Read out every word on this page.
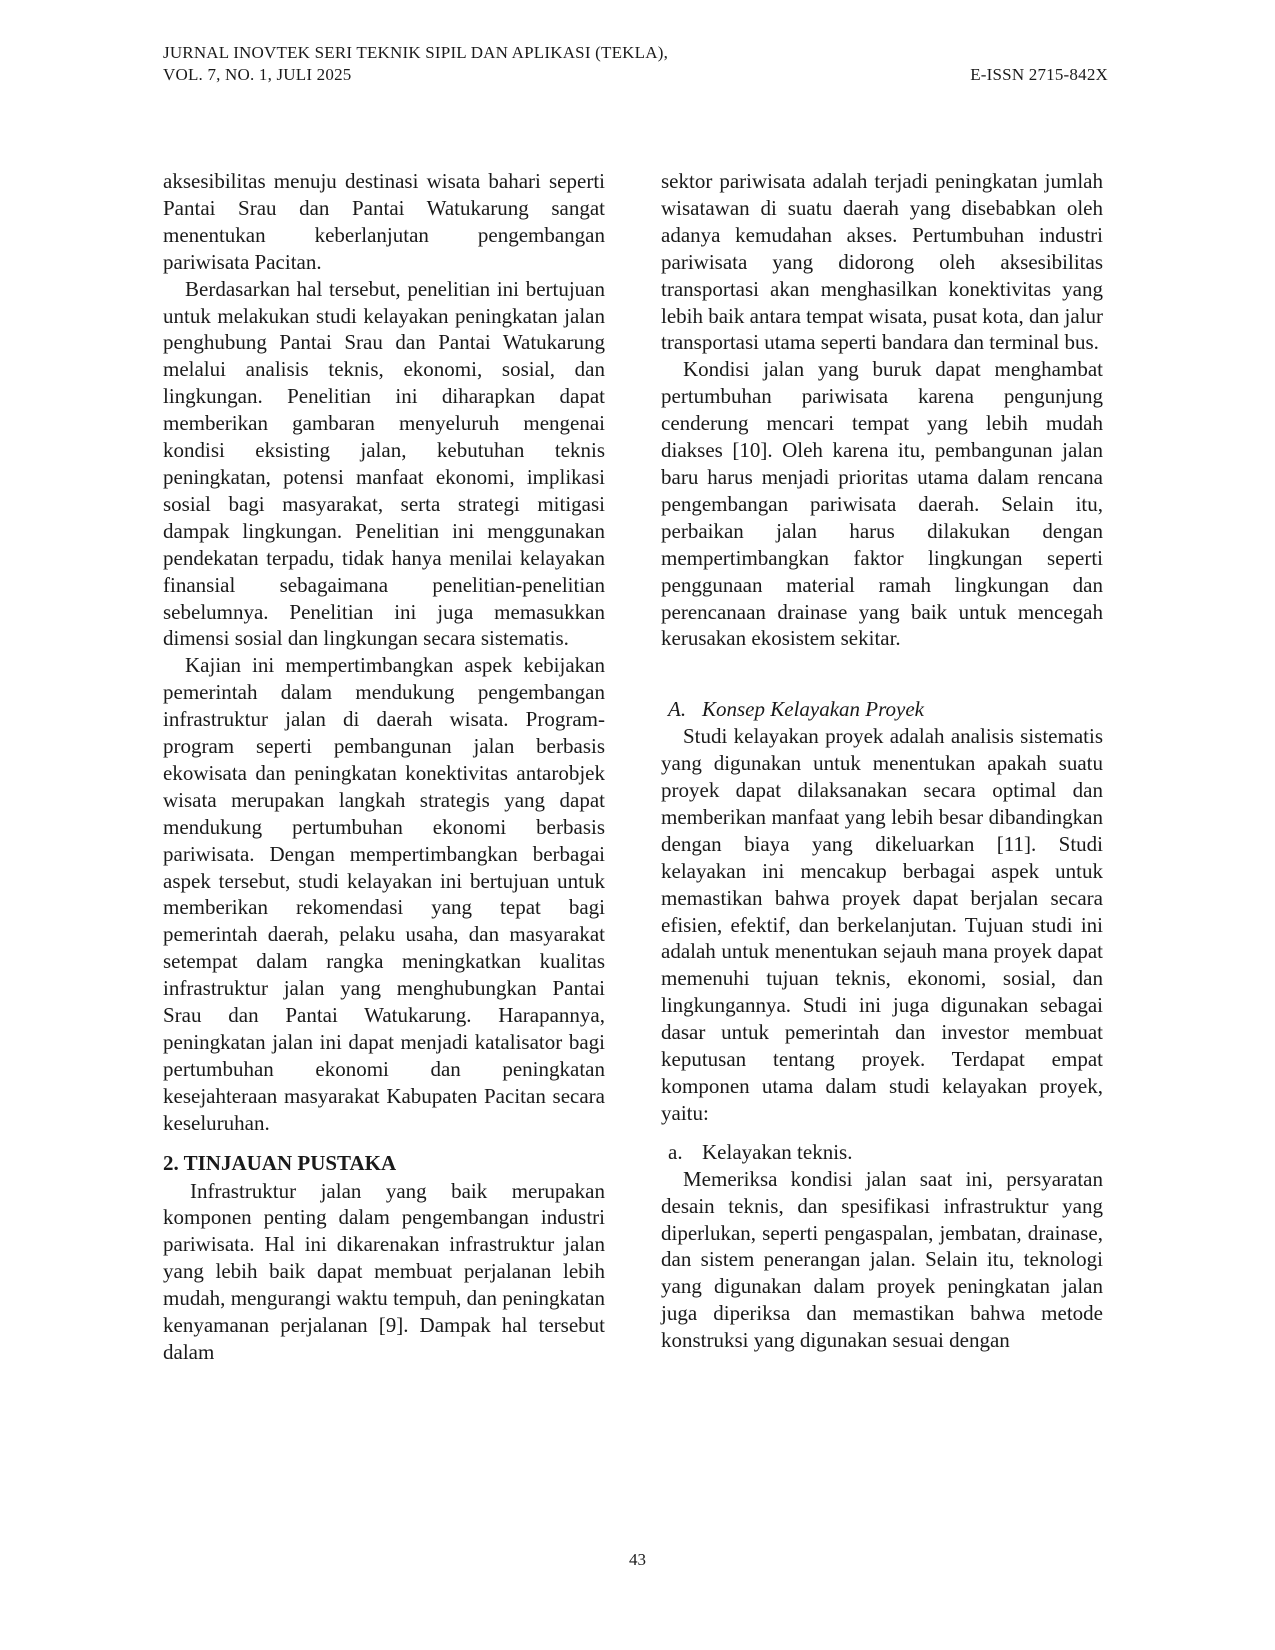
JURNAL INOVTEK SERI TEKNIK SIPIL DAN APLIKASI (TEKLA),
VOL. 7, NO. 1, JULI 2025	E-ISSN 2715-842X

aksesibilitas menuju destinasi wisata bahari seperti Pantai Srau dan Pantai Watukarung sangat menentukan keberlanjutan pengembangan pariwisata Pacitan.

Berdasarkan hal tersebut, penelitian ini bertujuan untuk melakukan studi kelayakan peningkatan jalan penghubung Pantai Srau dan Pantai Watukarung melalui analisis teknis, ekonomi, sosial, dan lingkungan. Penelitian ini diharapkan dapat memberikan gambaran menyeluruh mengenai kondisi eksisting jalan, kebutuhan teknis peningkatan, potensi manfaat ekonomi, implikasi sosial bagi masyarakat, serta strategi mitigasi dampak lingkungan. Penelitian ini menggunakan pendekatan terpadu, tidak hanya menilai kelayakan finansial sebagaimana penelitian-penelitian sebelumnya. Penelitian ini juga memasukkan dimensi sosial dan lingkungan secara sistematis.

Kajian ini mempertimbangkan aspek kebijakan pemerintah dalam mendukung pengembangan infrastruktur jalan di daerah wisata. Program-program seperti pembangunan jalan berbasis ekowisata dan peningkatan konektivitas antarobjek wisata merupakan langkah strategis yang dapat mendukung pertumbuhan ekonomi berbasis pariwisata. Dengan mempertimbangkan berbagai aspek tersebut, studi kelayakan ini bertujuan untuk memberikan rekomendasi yang tepat bagi pemerintah daerah, pelaku usaha, dan masyarakat setempat dalam rangka meningkatkan kualitas infrastruktur jalan yang menghubungkan Pantai Srau dan Pantai Watukarung. Harapannya, peningkatan jalan ini dapat menjadi katalisator bagi pertumbuhan ekonomi dan peningkatan kesejahteraan masyarakat Kabupaten Pacitan secara keseluruhan.

2. TINJAUAN PUSTAKA

Infrastruktur jalan yang baik merupakan komponen penting dalam pengembangan industri pariwisata. Hal ini dikarenakan infrastruktur jalan yang lebih baik dapat membuat perjalanan lebih mudah, mengurangi waktu tempuh, dan peningkatan kenyamanan perjalanan [9]. Dampak hal tersebut dalam

sektor pariwisata adalah terjadi peningkatan jumlah wisatawan di suatu daerah yang disebabkan oleh adanya kemudahan akses. Pertumbuhan industri pariwisata yang didorong oleh aksesibilitas transportasi akan menghasilkan konektivitas yang lebih baik antara tempat wisata, pusat kota, dan jalur transportasi utama seperti bandara dan terminal bus.

Kondisi jalan yang buruk dapat menghambat pertumbuhan pariwisata karena pengunjung cenderung mencari tempat yang lebih mudah diakses [10]. Oleh karena itu, pembangunan jalan baru harus menjadi prioritas utama dalam rencana pengembangan pariwisata daerah. Selain itu, perbaikan jalan harus dilakukan dengan mempertimbangkan faktor lingkungan seperti penggunaan material ramah lingkungan dan perencanaan drainase yang baik untuk mencegah kerusakan ekosistem sekitar.

A. Konsep Kelayakan Proyek

Studi kelayakan proyek adalah analisis sistematis yang digunakan untuk menentukan apakah suatu proyek dapat dilaksanakan secara optimal dan memberikan manfaat yang lebih besar dibandingkan dengan biaya yang dikeluarkan [11]. Studi kelayakan ini mencakup berbagai aspek untuk memastikan bahwa proyek dapat berjalan secara efisien, efektif, dan berkelanjutan. Tujuan studi ini adalah untuk menentukan sejauh mana proyek dapat memenuhi tujuan teknis, ekonomi, sosial, dan lingkungannya. Studi ini juga digunakan sebagai dasar untuk pemerintah dan investor membuat keputusan tentang proyek. Terdapat empat komponen utama dalam studi kelayakan proyek, yaitu:

a. Kelayakan teknis.

Memeriksa kondisi jalan saat ini, persyaratan desain teknis, dan spesifikasi infrastruktur yang diperlukan, seperti pengaspalan, jembatan, drainase, dan sistem penerangan jalan. Selain itu, teknologi yang digunakan dalam proyek peningkatan jalan juga diperiksa dan memastikan bahwa metode konstruksi yang digunakan sesuai dengan

43
